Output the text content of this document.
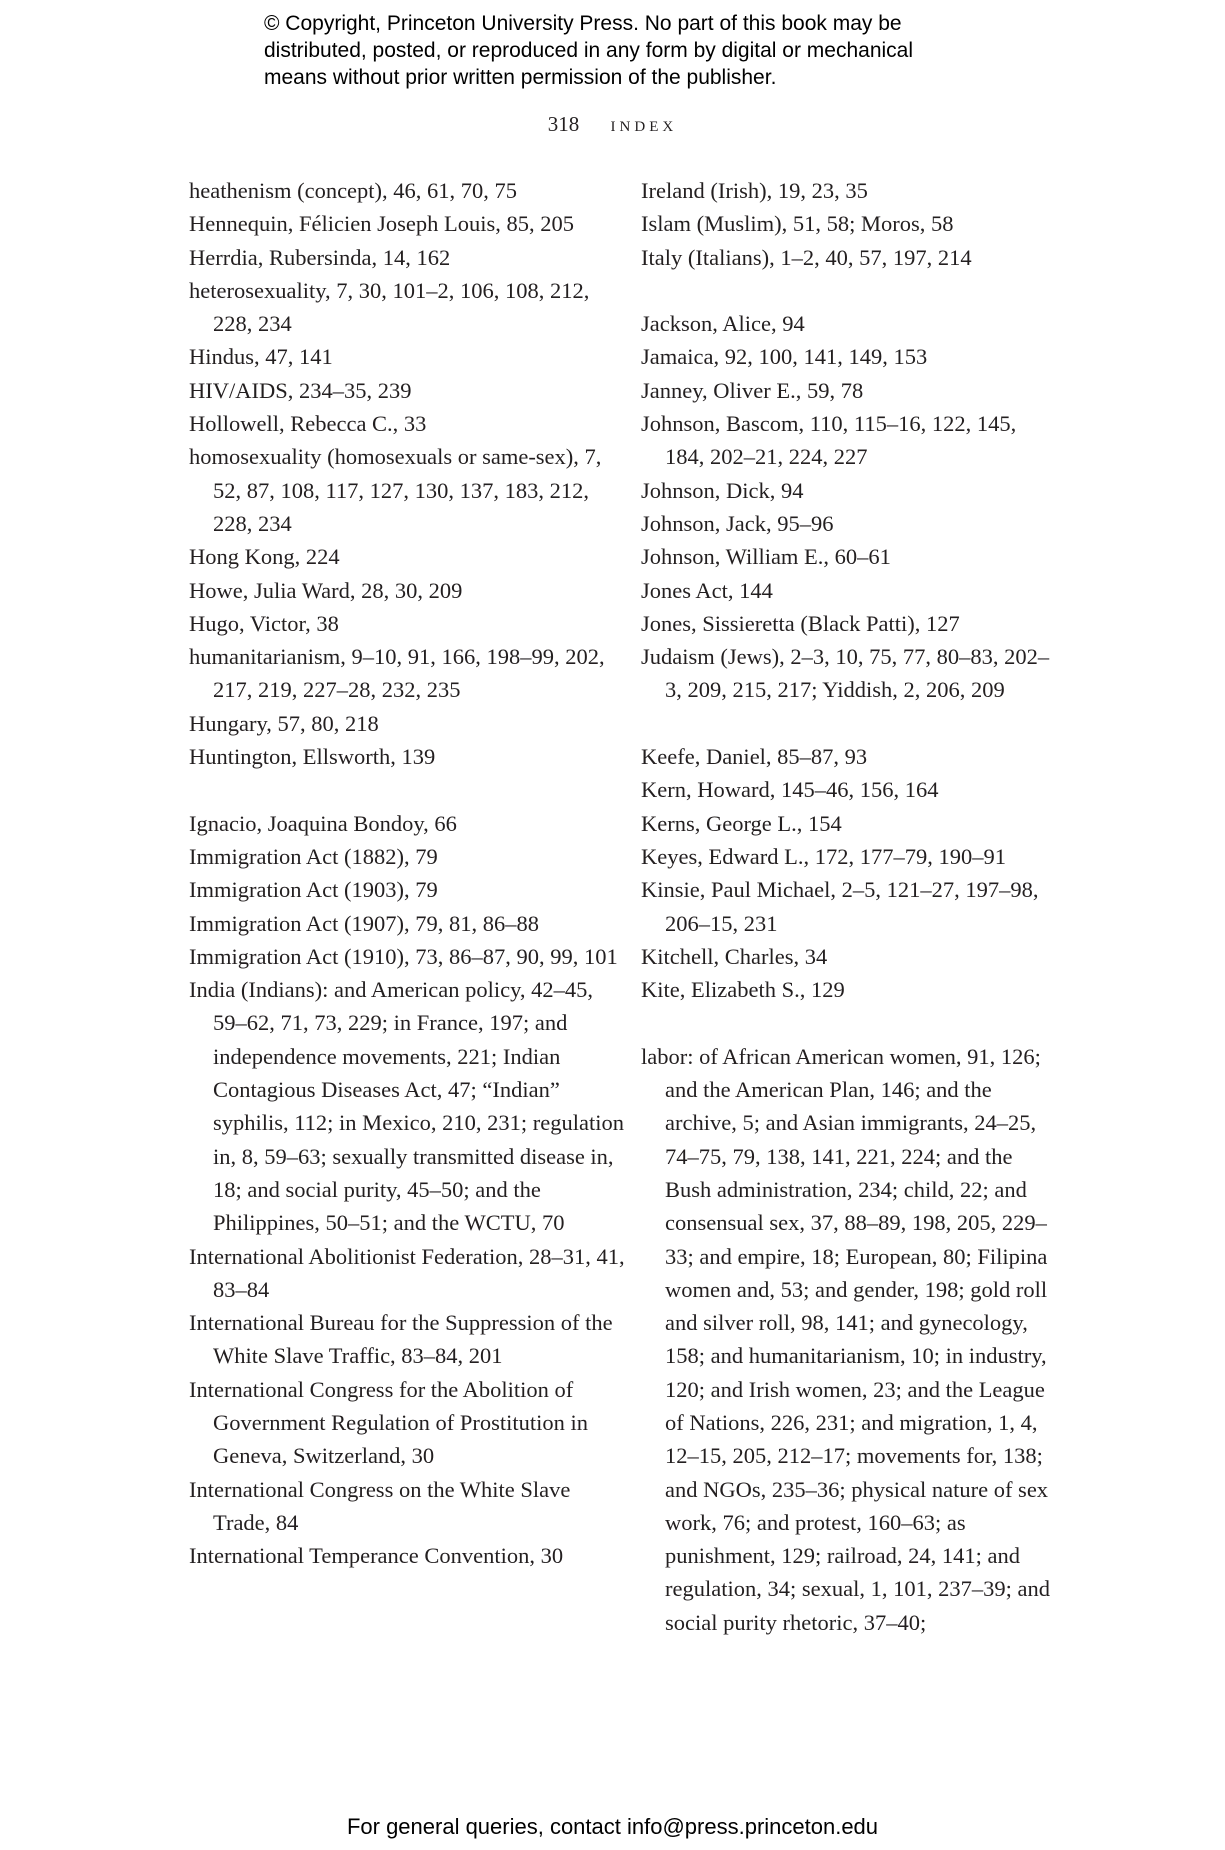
© Copyright, Princeton University Press. No part of this book may be
distributed, posted, or reproduced in any form by digital or mechanical
means without prior written permission of the publisher.
318 index
heathenism (concept), 46, 61, 70, 75
Hennequin, Félicien Joseph Louis, 85, 205
Herrdia, Rubersinda, 14, 162
heterosexuality, 7, 30, 101–2, 106, 108, 212, 228, 234
Hindus, 47, 141
HIV/AIDS, 234–35, 239
Hollowell, Rebecca C., 33
homosexuality (homosexuals or same-sex), 7, 52, 87, 108, 117, 127, 130, 137, 183, 212, 228, 234
Hong Kong, 224
Howe, Julia Ward, 28, 30, 209
Hugo, Victor, 38
humanitarianism, 9–10, 91, 166, 198–99, 202, 217, 219, 227–28, 232, 235
Hungary, 57, 80, 218
Huntington, Ellsworth, 139
Ignacio, Joaquina Bondoy, 66
Immigration Act (1882), 79
Immigration Act (1903), 79
Immigration Act (1907), 79, 81, 86–88
Immigration Act (1910), 73, 86–87, 90, 99, 101
India (Indians): and American policy, 42–45, 59–62, 71, 73, 229; in France, 197; and independence movements, 221; Indian Contagious Diseases Act, 47; “Indian” syphilis, 112; in Mexico, 210, 231; regulation in, 8, 59–63; sexually transmitted disease in, 18; and social purity, 45–50; and the Philippines, 50–51; and the WCTU, 70
International Abolitionist Federation, 28–31, 41, 83–84
International Bureau for the Suppression of the White Slave Traffic, 83–84, 201
International Congress for the Abolition of Government Regulation of Prostitution in Geneva, Switzerland, 30
International Congress on the White Slave Trade, 84
International Temperance Convention, 30
Ireland (Irish), 19, 23, 35
Islam (Muslim), 51, 58; Moros, 58
Italy (Italians), 1–2, 40, 57, 197, 214
Jackson, Alice, 94
Jamaica, 92, 100, 141, 149, 153
Janney, Oliver E., 59, 78
Johnson, Bascom, 110, 115–16, 122, 145, 184, 202–21, 224, 227
Johnson, Dick, 94
Johnson, Jack, 95–96
Johnson, William E., 60–61
Jones Act, 144
Jones, Sissieretta (Black Patti), 127
Judaism (Jews), 2–3, 10, 75, 77, 80–83, 202–3, 209, 215, 217; Yiddish, 2, 206, 209
Keefe, Daniel, 85–87, 93
Kern, Howard, 145–46, 156, 164
Kerns, George L., 154
Keyes, Edward L., 172, 177–79, 190–91
Kinsie, Paul Michael, 2–5, 121–27, 197–98, 206–15, 231
Kitchell, Charles, 34
Kite, Elizabeth S., 129
labor: of African American women, 91, 126; and the American Plan, 146; and the archive, 5; and Asian immigrants, 24–25, 74–75, 79, 138, 141, 221, 224; and the Bush administration, 234; child, 22; and consensual sex, 37, 88–89, 198, 205, 229–33; and empire, 18; European, 80; Filipina women and, 53; and gender, 198; gold roll and silver roll, 98, 141; and gynecology, 158; and humanitarianism, 10; in industry, 120; and Irish women, 23; and the League of Nations, 226, 231; and migration, 1, 4, 12–15, 205, 212–17; movements for, 138; and NGOs, 235–36; physical nature of sex work, 76; and protest, 160–63; as punishment, 129; railroad, 24, 141; and regulation, 34; sexual, 1, 101, 237–39; and social purity rhetoric, 37–40;
For general queries, contact info@press.princeton.edu
